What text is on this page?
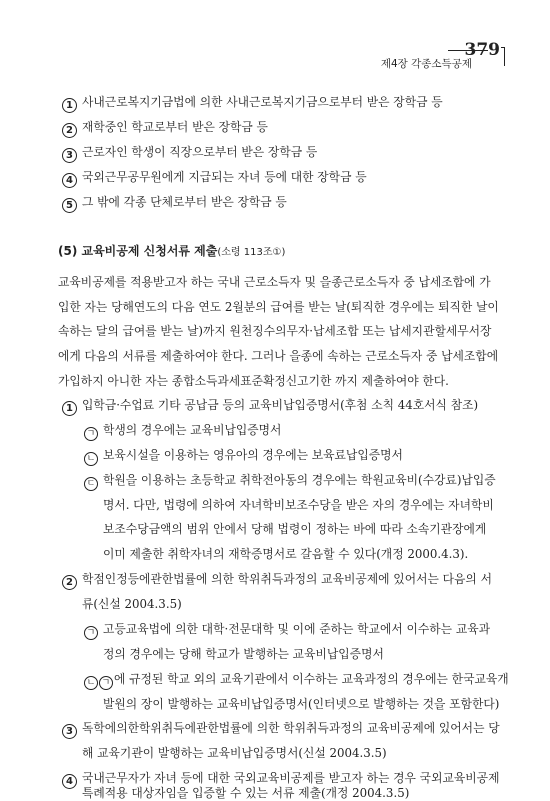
제4장 각종소득공제
379
1 사내근로복지기금법에 의한 사내근로복지기금으로부터 받은 장학금 등
2 재학중인 학교로부터 받은 장학금 등
3 근로자인 학생이 직장으로부터 받은 장학금 등
4 국외근무공무원에게 지급되는 자녀 등에 대한 장학금 등
5 그 밖에 각종 단체로부터 받은 장학금 등
(5) 교육비공제 신청서류 제출(소령 113조①)
교육비공제를 적용받고자 하는 국내 근로소득자 및 을종근로소득자 중 납세조합에 가
입한 자는 당해연도의 다음 연도 2월분의 급여를 받는 날(퇴직한 경우에는 퇴직한 날이
속하는 달의 급여를 받는 날)까지 원천징수의무자·납세조합 또는 납세지관할세무서장
에게 다음의 서류를 제출하여야 한다. 그러나 을종에 속하는 근로소득자 중 납세조합에
가입하지 아니한 자는 종합소득과세표준확정신고기한 까지 제출하여야 한다.
1 입학금·수업료 기타 공납금 등의 교육비납입증명서(후첨 소칙 44호서식 참조)
ㄱ 학생의 경우에는 교육비납입증명서
ㄴ 보육시설을 이용하는 영유아의 경우에는 보육료납입증명서
ㄷ 학원을 이용하는 초등학교 취학전아동의 경우에는 학원교육비(수강료)납입증
명서. 다만, 법령에 의하여 자녀학비보조수당을 받은 자의 경우에는 자녀학비
보조수당금액의 범위 안에서 당해 법령이 정하는 바에 따라 소속기관장에게
이미 제출한 취학자녀의 재학증명서로 갈음할 수 있다(개정 2000.4.3).
2 학점인정등에관한법률에 의한 학위취득과정의 교육비공제에 있어서는 다음의 서
류(신설 2004.3.5)
ㄱ 고등교육법에 의한 대학·전문대학 및 이에 준하는 학교에서 이수하는 교육과
정의 경우에는 당해 학교가 발행하는 교육비납입증명서
ㄴ ㄱ 에 규정된 학교 외의 교육기관에서 이수하는 교육과정의 경우에는 한국교육개
발원의 장이 발행하는 교육비납입증명서(인터넷으로 발행하는 것을 포함한다)
3 독학에의한학위취득에관한법률에 의한 학위취득과정의 교육비공제에 있어서는 당
해 교육기관이 발행하는 교육비납입증명서(신설 2004.3.5)
4 국내근무자가 자녀 등에 대한 국외교육비공제를 받고자 하는 경우 국외교육비공제
특례적용 대상자임을 입증할 수 있는 서류 제출(개정 2004.3.5)
